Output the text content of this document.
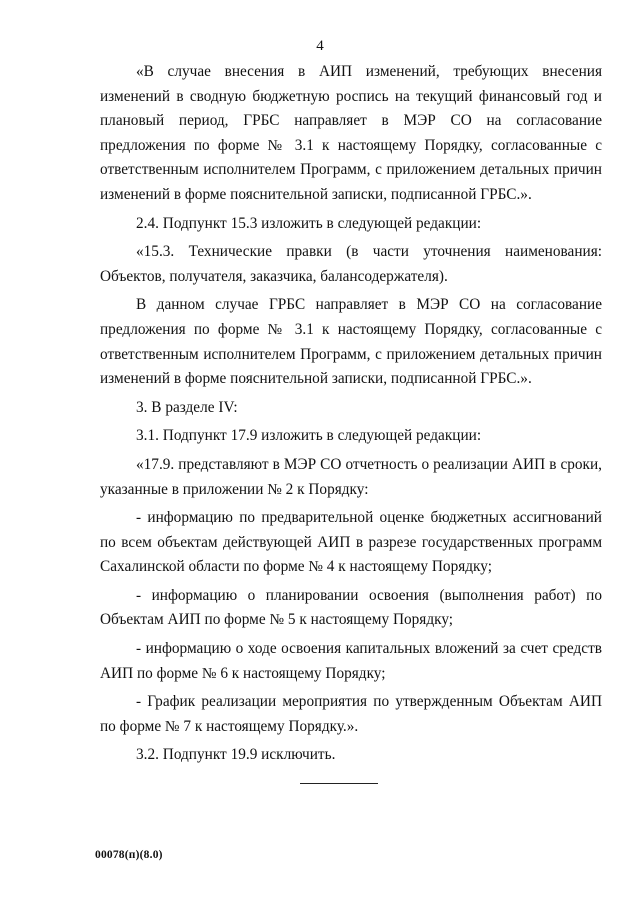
4

«В случае внесения в АИП изменений, требующих внесения изменений в сводную бюджетную роспись на текущий финансовый год и плановый период, ГРБС направляет в МЭР СО на согласование предложения по форме № 3.1 к настоящему Порядку, согласованные с ответственным исполнителем Программ, с приложением детальных причин изменений в форме пояснительной записки, подписанной ГРБС.».

2.4. Подпункт 15.3 изложить в следующей редакции:

«15.3. Технические правки (в части уточнения наименования: Объектов, получателя, заказчика, балансодержателя).

В данном случае ГРБС направляет в МЭР СО на согласование предложения по форме № 3.1 к настоящему Порядку, согласованные с ответственным исполнителем Программ, с приложением детальных причин изменений в форме пояснительной записки, подписанной ГРБС.».

3. В разделе IV:

3.1. Подпункт 17.9 изложить в следующей редакции:

«17.9. представляют в МЭР СО отчетность о реализации АИП в сроки, указанные в приложении № 2 к Порядку:

- информацию по предварительной оценке бюджетных ассигнований по всем объектам действующей АИП в разрезе государственных программ Сахалинской области по форме № 4 к настоящему Порядку;

- информацию о планировании освоения (выполнения работ) по Объектам АИП по форме № 5 к настоящему Порядку;

- информацию о ходе освоения капитальных вложений за счет средств АИП по форме № 6 к настоящему Порядку;

- График реализации мероприятия по утвержденным Объектам АИП по форме № 7 к настоящему Порядку.».

3.2. Подпункт 19.9 исключить.

00078(п)(8.0)
